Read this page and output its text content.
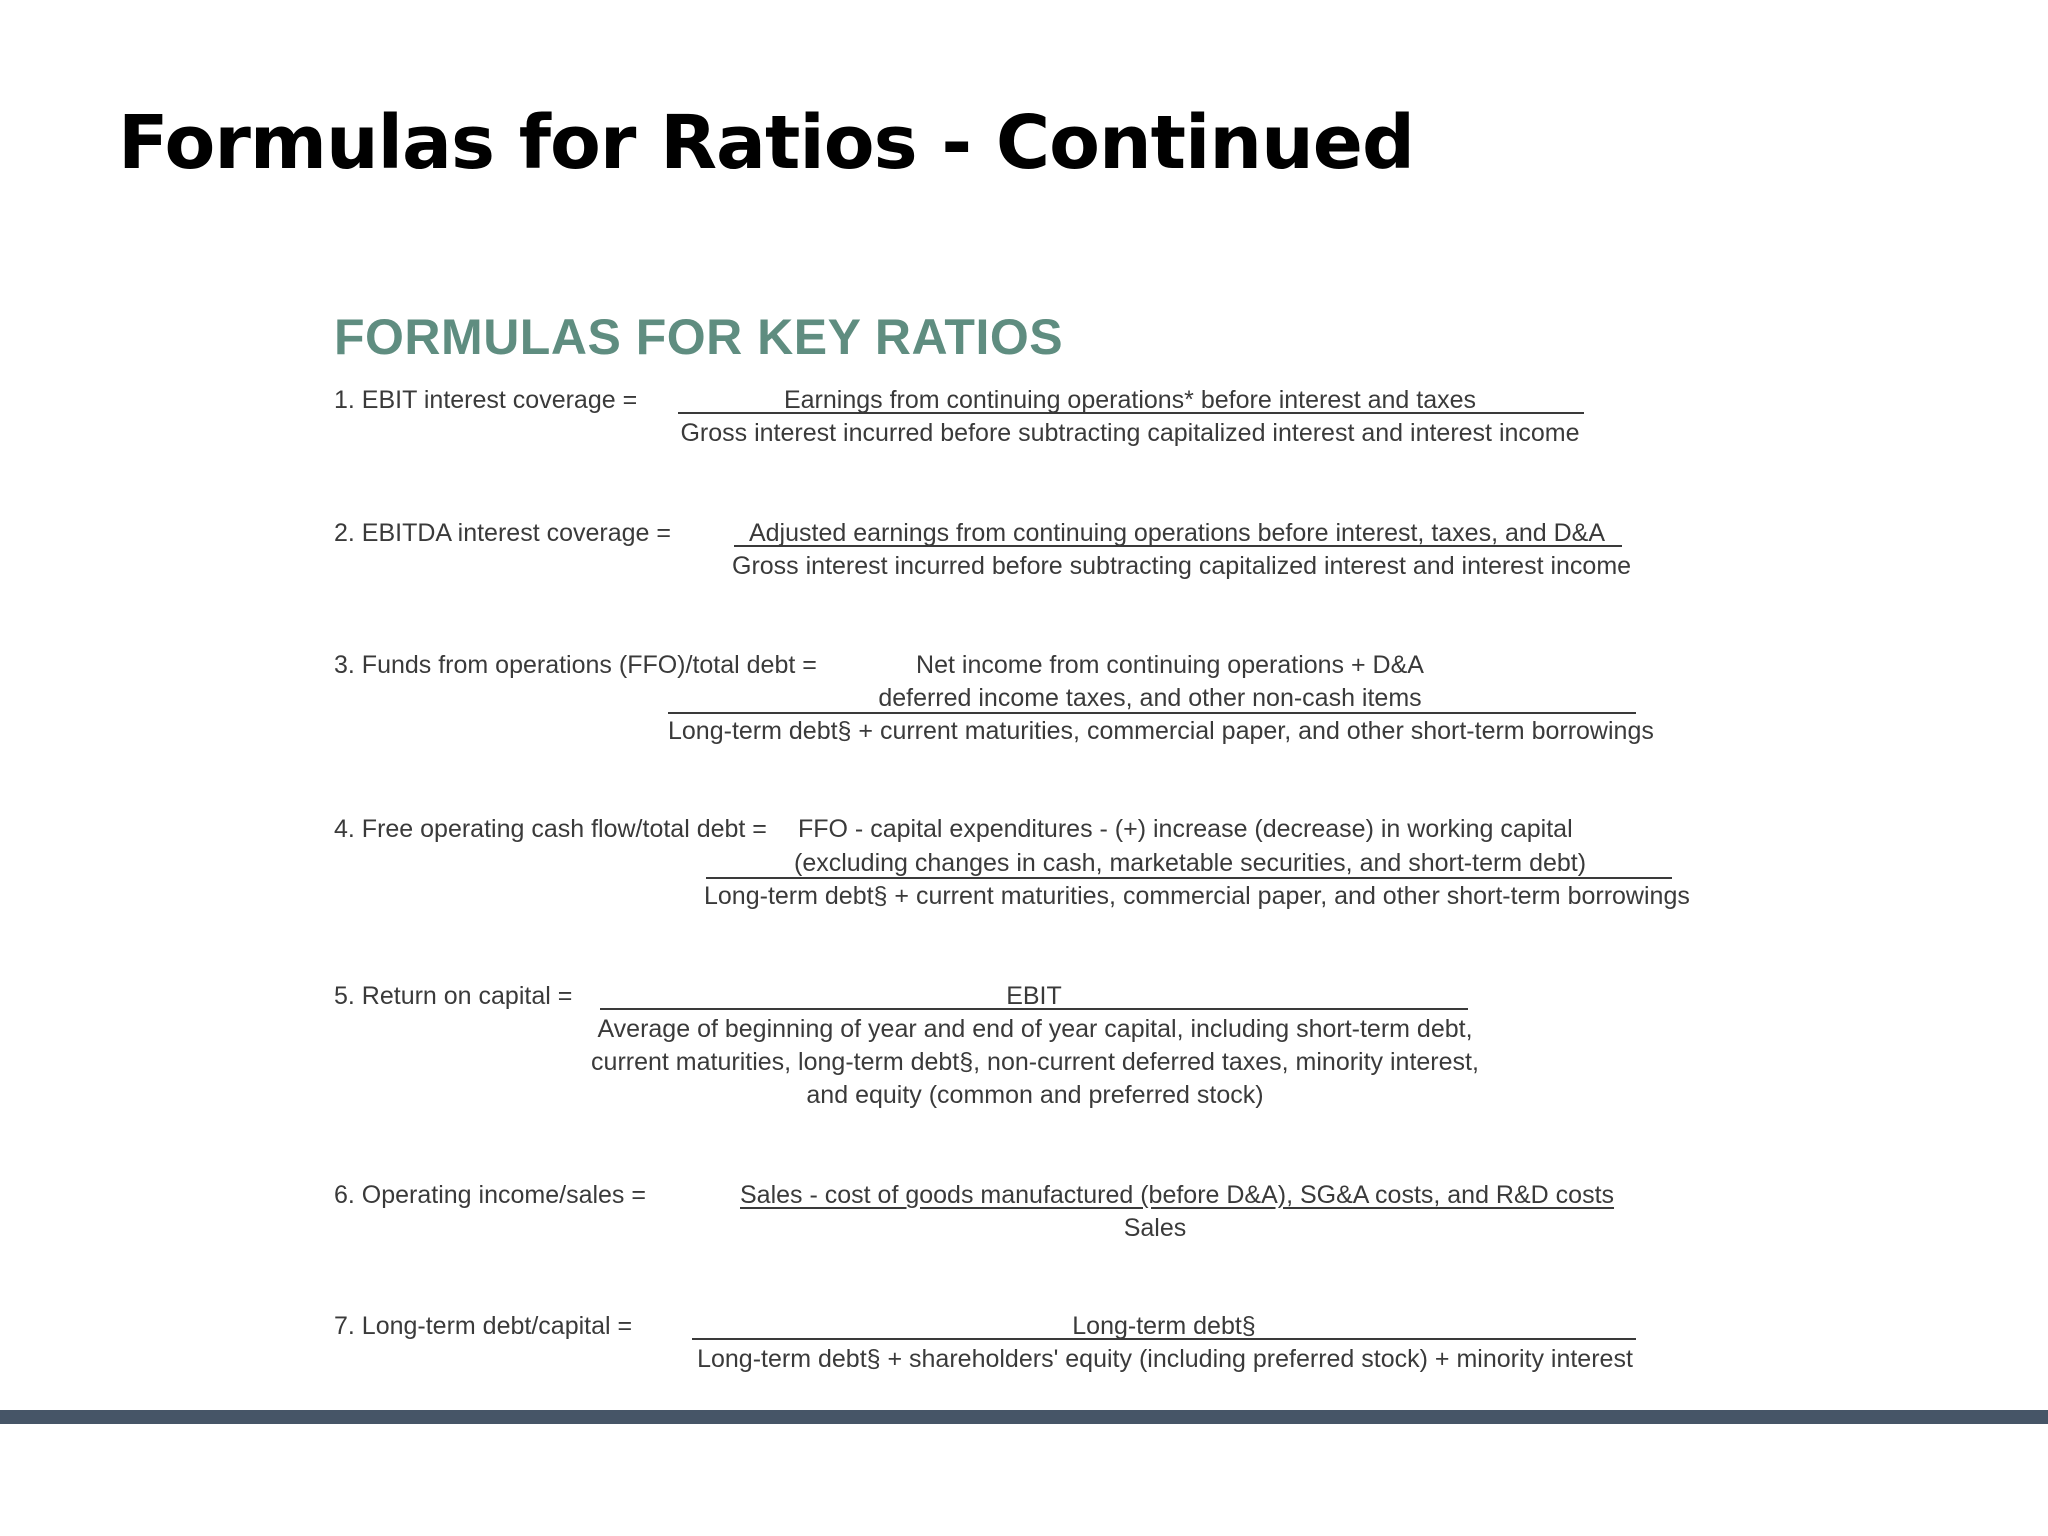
Formulas for Ratios - Continued
FORMULAS FOR KEY RATIOS
1. EBIT interest coverage =	Earnings from continuing operations* before interest and taxes
Gross interest incurred before subtracting capitalized interest and interest income
2. EBITDA interest coverage =	Adjusted earnings from continuing operations before interest, taxes, and D&A
Gross interest incurred before subtracting capitalized interest and interest income
3. Funds from operations (FFO)/total debt =	Net income from continuing operations + D&A
deferred income taxes, and other non-cash items
Long-term debt§ + current maturities, commercial paper, and other short-term borrowings
4. Free operating cash flow/total debt = FFO - capital expenditures - (+) increase (decrease) in working capital
(excluding changes in cash, marketable securities, and short-term debt)
Long-term debt§ + current maturities, commercial paper, and other short-term borrowings
5. Return on capital =	EBIT
Average of beginning of year and end of year capital, including short-term debt,
current maturities, long-term debt§, non-current deferred taxes, minority interest,
and equity (common and preferred stock)
6. Operating income/sales =	Sales - cost of goods manufactured (before D&A), SG&A costs, and R&D costs
Sales
7. Long-term debt/capital =	Long-term debt§
Long-term debt§ + shareholders' equity (including preferred stock) + minority interest
